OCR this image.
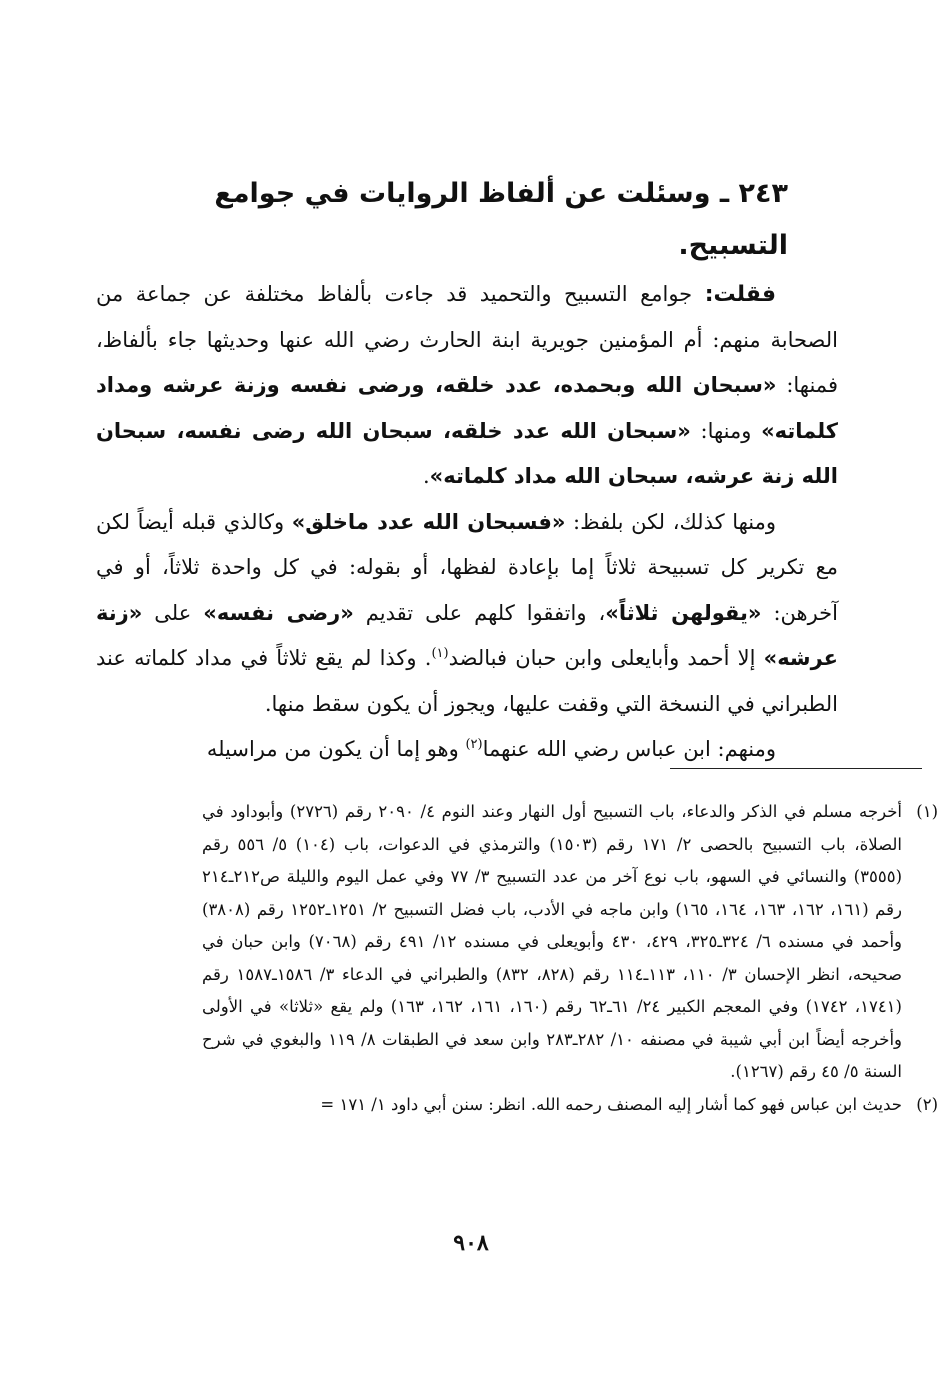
٢٤٣ ـ وسئلت عن ألفاظ الروايات في جوامع التسبيح.

فقلت: جوامع التسبيح والتحميد قد جاءت بألفاظ مختلفة عن جماعة من الصحابة منهم: أم المؤمنين جويرية ابنة الحارث رضي الله عنها وحديثها جاء بألفاظ، فمنها: «سبحان الله وبحمده، عدد خلقه، ورضى نفسه وزنة عرشه ومداد كلماته» ومنها: «سبحان الله عدد خلقه، سبحان الله رضى نفسه، سبحان الله زنة عرشه، سبحان الله مداد كلماته».

ومنها كذلك، لكن بلفظ: «فسبحان الله عدد ماخلق» وكالذي قبله أيضاً لكن مع تكرير كل تسبيحة ثلاثاً إما بإعادة لفظها، أو بقوله: في كل واحدة ثلاثاً، أو في آخرهن: «يقولهن ثلاثاً»، واتفقوا كلهم على تقديم «رضى نفسه» على «زنة عرشه» إلا أحمد وأبايعلى وابن حبان فبالضد$^{(١)}$. وكذا لم يقع ثلاثاً في مداد كلماته عند الطبراني في النسخة التي وقفت عليها، ويجوز أن يكون سقط منها.

ومنهم: ابن عباس رضي الله عنهما$^{(٢)}$ وهو إما أن يكون من مراسيله

(١)
أخرجه مسلم في الذكر والدعاء، باب التسبيح أول النهار وعند النوم ٤/ ٢٠٩٠ رقم (٢٧٢٦) وأبوداود في الصلاة، باب التسبيح بالحصى ٢/ ١٧١ رقم (١٥٠٣) والترمذي في الدعوات، باب (١٠٤) ٥/ ٥٥٦ رقم (٣٥٥٥) والنسائي في السهو، باب نوع آخر من عدد التسبيح ٣/ ٧٧ وفي عمل اليوم والليلة ص٢١٢ـ٢١٤ رقم (١٦١، ١٦٢، ١٦٣، ١٦٤، ١٦٥) وابن ماجه في الأدب، باب فضل التسبيح ٢/ ١٢٥١ـ١٢٥٢ رقم (٣٨٠٨) وأحمد في مسنده ٦/ ٣٢٤ـ٣٢٥، ٤٢٩، ٤٣٠ وأبويعلى في مسنده ١٢/ ٤٩١ رقم (٧٠٦٨) وابن حبان في صحيحه، انظر الإحسان ٣/ ١١٠، ١١٣ـ١١٤ رقم (٨٢٨، ٨٣٢) والطبراني في الدعاء ٣/ ١٥٨٦ـ١٥٨٧ رقم (١٧٤١، ١٧٤٢) وفي المعجم الكبير ٢٤/ ٦١ـ٦٢ رقم (١٦٠، ١٦١، ١٦٢، ١٦٣) ولم يقع «ثلاثا» في الأولى وأخرجه أيضاً ابن أبي شيبة في مصنفه ١٠/ ٢٨٢ـ٢٨٣ وابن سعد في الطبقات ٨/ ١١٩ والبغوي في شرح السنة ٥/ ٤٥ رقم (١٢٦٧).
(٢)
حديث ابن عباس فهو كما أشار إليه المصنف رحمه الله. انظر: سنن أبي داود ١/ ١٧١ =
٩٠٨
